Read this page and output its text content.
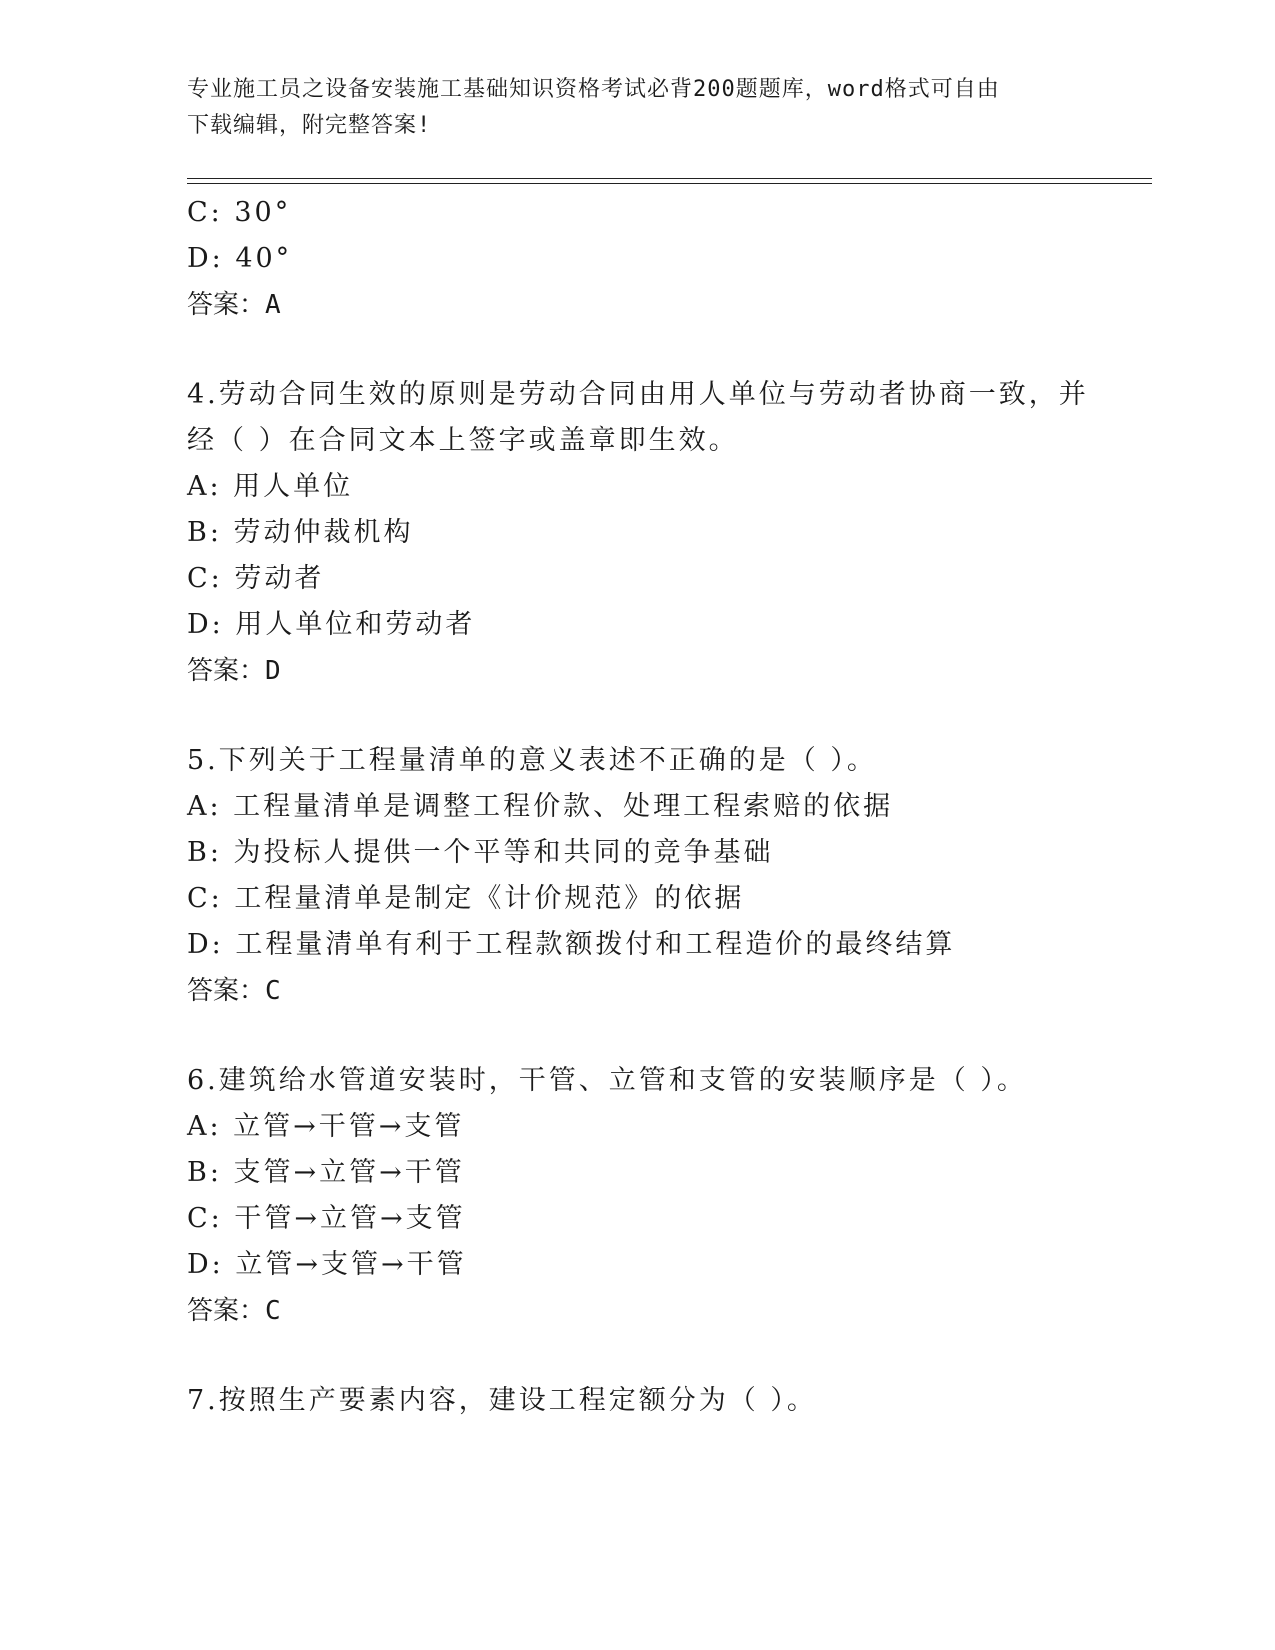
专业施工员之设备安装施工基础知识资格考试必背200题题库，word格式可自由
下载编辑，附完整答案!
C: 30°
D: 40°
答案：A
4.劳动合同生效的原则是劳动合同由用人单位与劳动者协商一致，并
经（ ）在合同文本上签字或盖章即生效。
A: 用人单位
B: 劳动仲裁机构
C: 劳动者
D: 用人单位和劳动者
答案：D
5.下列关于工程量清单的意义表述不正确的是（ ）。
A: 工程量清单是调整工程价款、处理工程索赔的依据
B: 为投标人提供一个平等和共同的竞争基础
C: 工程量清单是制定《计价规范》的依据
D: 工程量清单有利于工程款额拨付和工程造价的最终结算
答案：C
6.建筑给水管道安装时，干管、立管和支管的安装顺序是（ ）。
A: 立管→干管→支管
B: 支管→立管→干管
C: 干管→立管→支管
D: 立管→支管→干管
答案：C
7.按照生产要素内容，建设工程定额分为（ ）。
